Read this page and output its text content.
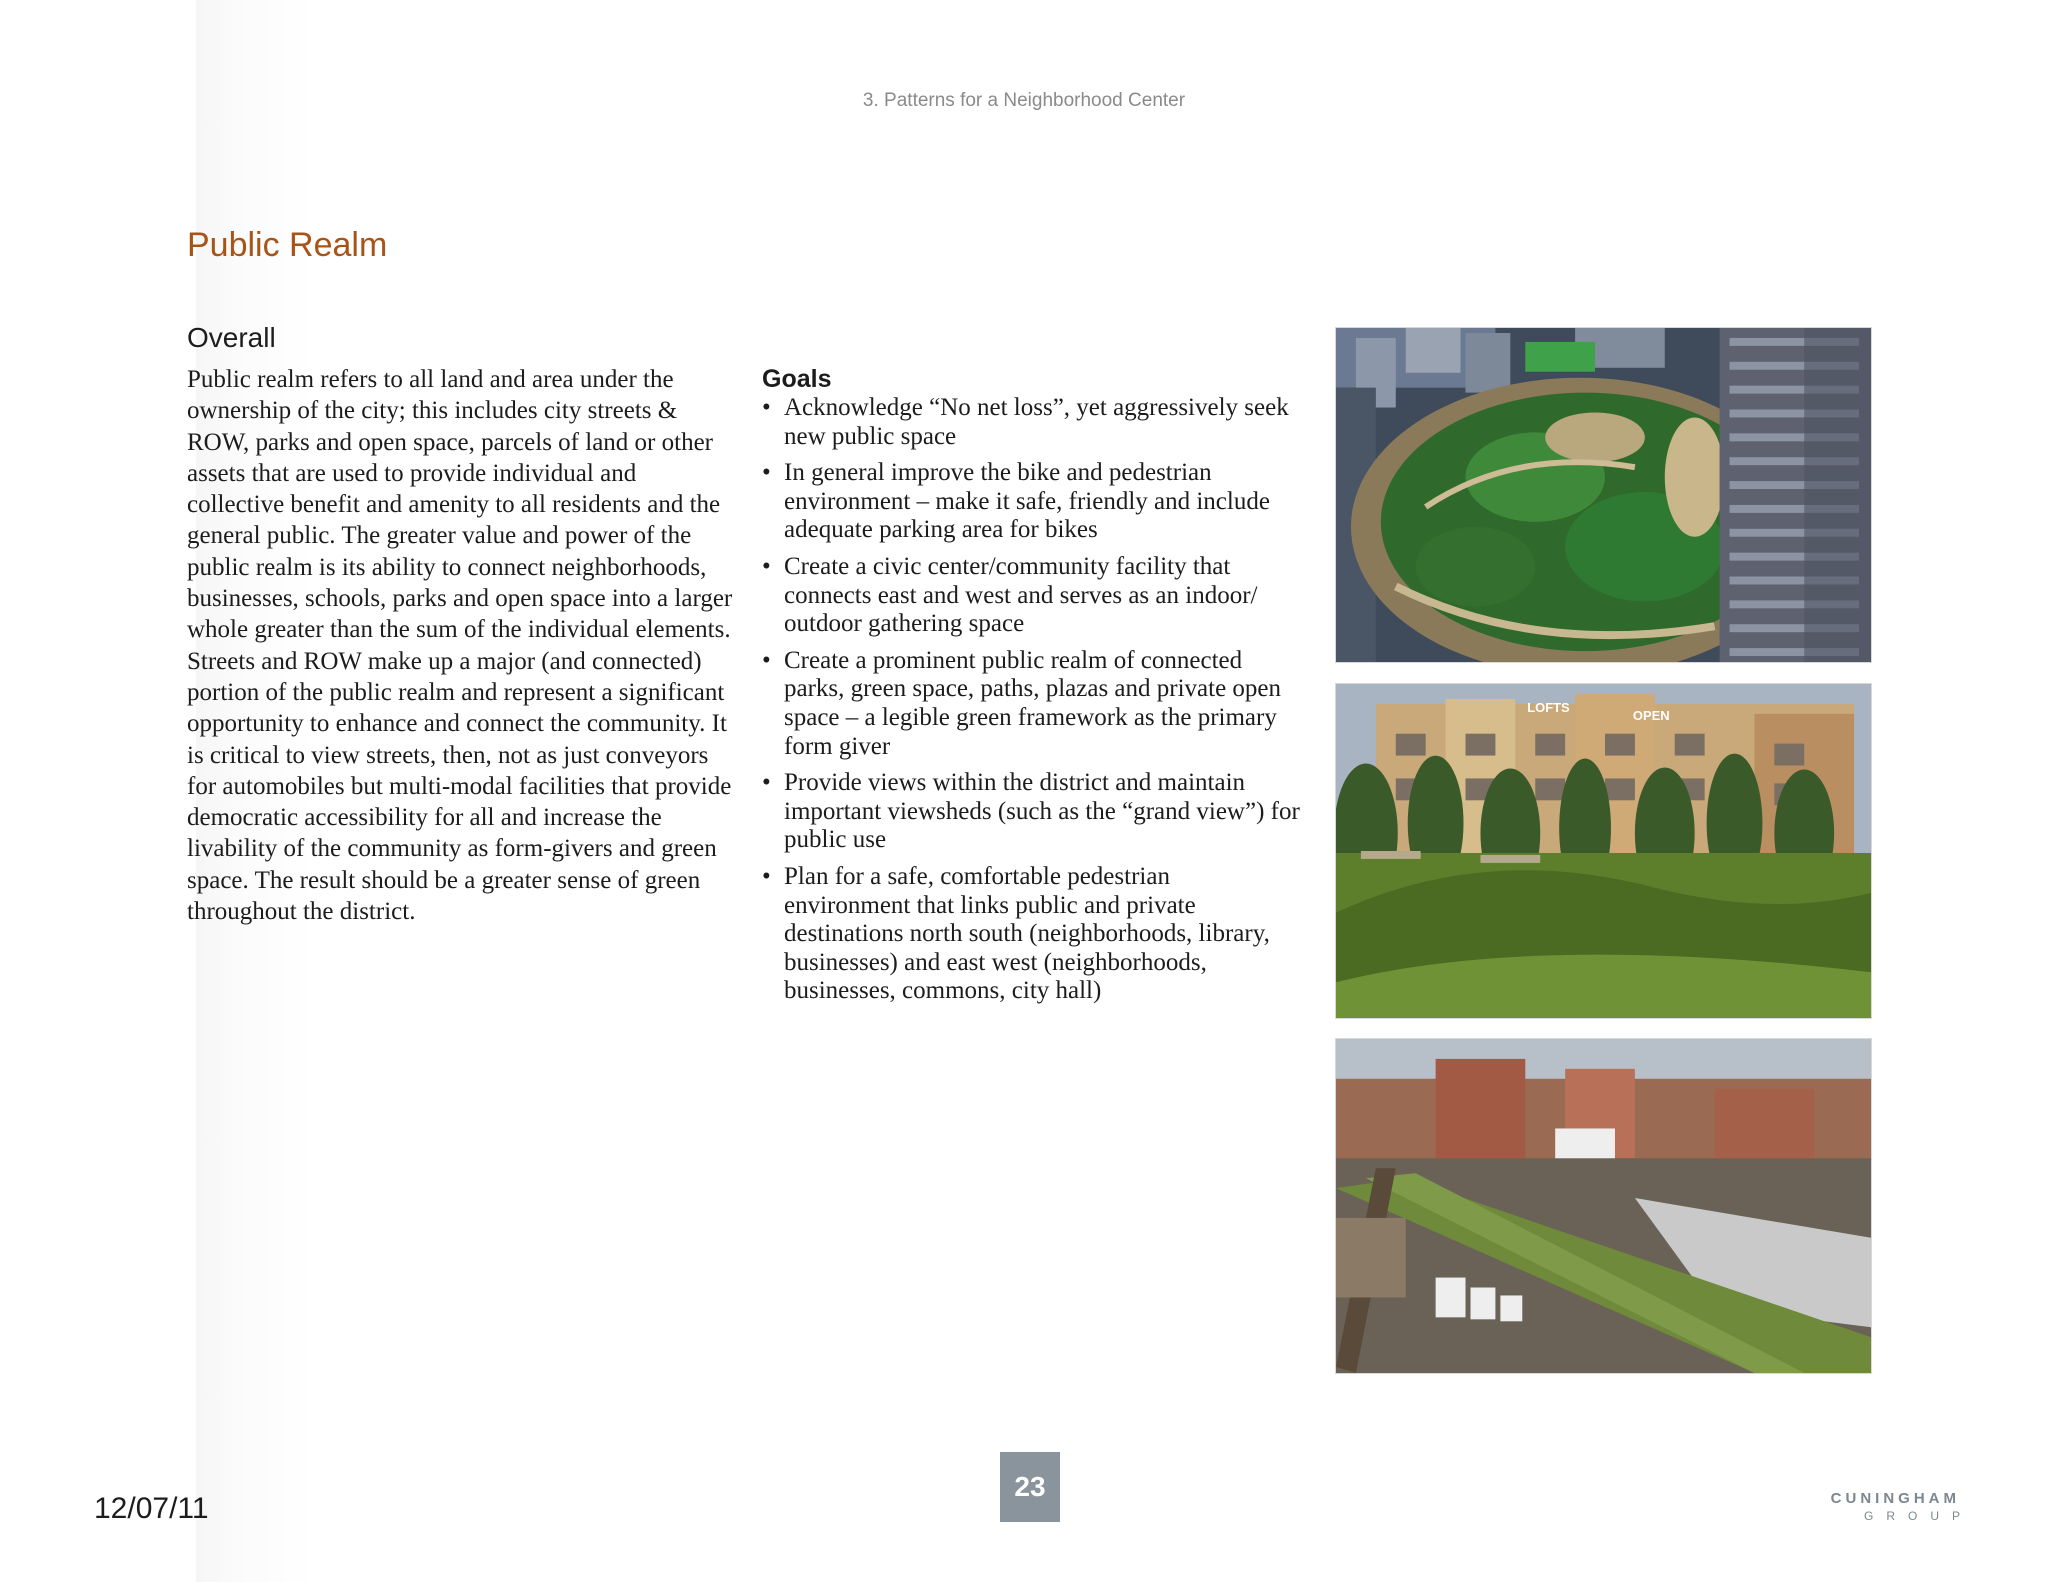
3. Patterns for a Neighborhood Center
Public Realm
Overall

Public realm refers to all land and area under the ownership of the city; this includes city streets & ROW, parks and open space, parcels of land or other assets that are used to provide individual and collective benefit and amenity to all residents and the general public. The greater value and power of the public realm is its ability to connect neighborhoods, businesses, schools, parks and open space into a larger whole greater than the sum of the individual elements. Streets and ROW make up a major (and connected) portion of the public realm and represent a significant opportunity to enhance and connect the community. It is critical to view streets, then, not as just conveyors for automobiles but multi-modal facilities that provide democratic accessibility for all and increase the livability of the community as form-givers and green space. The result should be a greater sense of green throughout the district.

Goals
• Acknowledge “No net loss”, yet aggressively seek new public space
• In general improve the bike and pedestrian environment – make it safe, friendly and include adequate parking area for bikes
• Create a civic center/community facility that connects east and west and serves as an indoor/ outdoor gathering space
• Create a prominent public realm of connected parks, green space, paths, plazas and private open space – a legible green framework as the primary form giver
• Provide views within the district and maintain important viewsheds (such as the “grand view”) for public use
• Plan for a safe, comfortable pedestrian environment that links public and private destinations north south (neighborhoods, library, businesses) and east west (neighborhoods, businesses, commons, city hall)
LOFTS
OPEN
23
12/07/11	CUNINGHAM
GROUP
